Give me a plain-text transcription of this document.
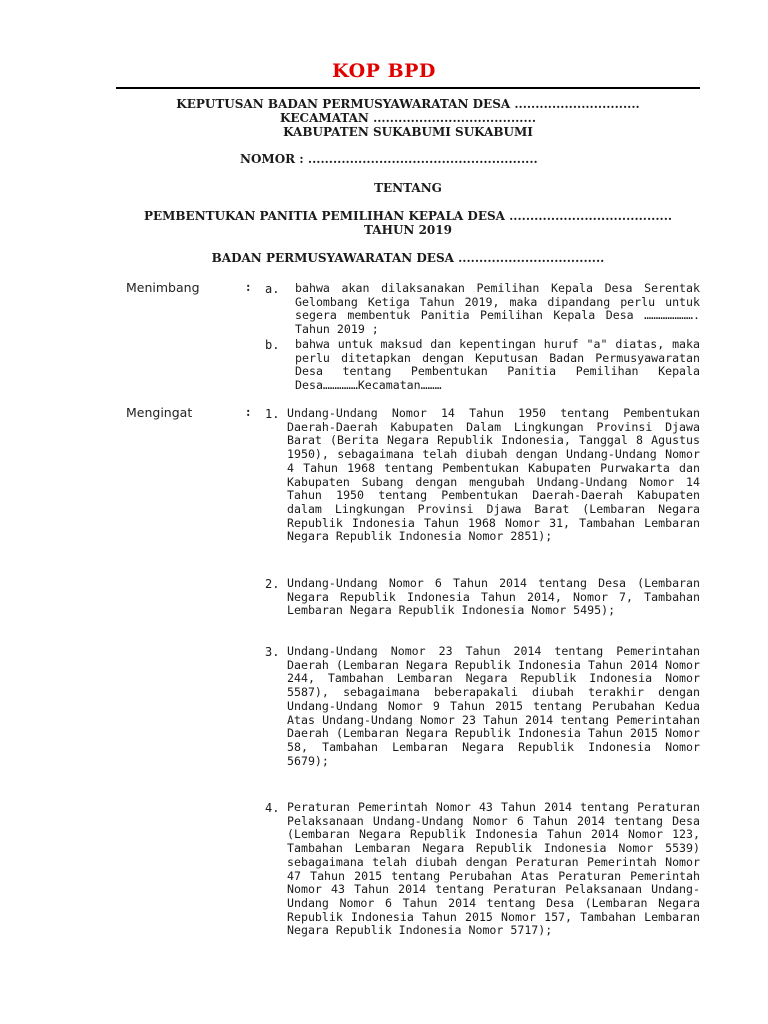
KOP BPD
KEPUTUSAN BADAN PERMUSYAWARATAN DESA ..............................
KECAMATAN .......................................
KABUPATEN SUKABUMI SUKABUMI
NOMOR : .......................................................
TENTANG
PEMBENTUKAN PANITIA PEMILIHAN KEPALA DESA .......................................
TAHUN 2019
BADAN PERMUSYAWARATAN DESA ...................................
Menimbang	: a. bahwa akan dilaksanakan Pemilihan Kepala Desa Serentak Gelombang Ketiga Tahun 2019, maka dipandang perlu untuk segera membentuk Panitia Pemilihan Kepala Desa …………………. Tahun 2019 ;
b. bahwa untuk maksud dan kepentingan huruf "a" diatas, maka perlu ditetapkan dengan Keputusan Badan Permusyawaratan Desa tentang Pembentukan Panitia Pemilihan Kepala Desa……………Kecamatan………
Mengingat	: 1. Undang-Undang Nomor 14 Tahun 1950 tentang Pembentukan Daerah-Daerah Kabupaten Dalam Lingkungan Provinsi Djawa Barat (Berita Negara Republik Indonesia, Tanggal 8 Agustus 1950), sebagaimana telah diubah dengan Undang-Undang Nomor 4 Tahun 1968 tentang Pembentukan Kabupaten Purwakarta dan Kabupaten Subang dengan mengubah Undang-Undang Nomor 14 Tahun 1950 tentang Pembentukan Daerah-Daerah Kabupaten dalam Lingkungan Provinsi Djawa Barat (Lembaran Negara Republik Indonesia Tahun 1968 Nomor 31, Tambahan Lembaran Negara Republik Indonesia Nomor 2851);
2. Undang-Undang Nomor 6 Tahun 2014 tentang Desa (Lembaran Negara Republik Indonesia Tahun 2014, Nomor 7, Tambahan Lembaran Negara Republik Indonesia Nomor 5495);
3. Undang-Undang Nomor 23 Tahun 2014 tentang Pemerintahan Daerah (Lembaran Negara Republik Indonesia Tahun 2014 Nomor 244, Tambahan Lembaran Negara Republik Indonesia Nomor 5587), sebagaimana beberapakali diubah terakhir dengan Undang-Undang Nomor 9 Tahun 2015 tentang Perubahan Kedua Atas Undang-Undang Nomor 23 Tahun 2014 tentang Pemerintahan Daerah (Lembaran Negara Republik Indonesia Tahun 2015 Nomor 58, Tambahan Lembaran Negara Republik Indonesia Nomor 5679);
4. Peraturan Pemerintah Nomor 43 Tahun 2014 tentang Peraturan Pelaksanaan Undang-Undang Nomor 6 Tahun 2014 tentang Desa (Lembaran Negara Republik Indonesia Tahun 2014 Nomor 123, Tambahan Lembaran Negara Republik Indonesia Nomor 5539) sebagaimana telah diubah dengan Peraturan Pemerintah Nomor 47 Tahun 2015 tentang Perubahan Atas Peraturan Pemerintah Nomor 43 Tahun 2014 tentang Peraturan Pelaksanaan Undang-Undang Nomor 6 Tahun 2014 tentang Desa (Lembaran Negara Republik Indonesia Tahun 2015 Nomor 157, Tambahan Lembaran Negara Republik Indonesia Nomor 5717);
